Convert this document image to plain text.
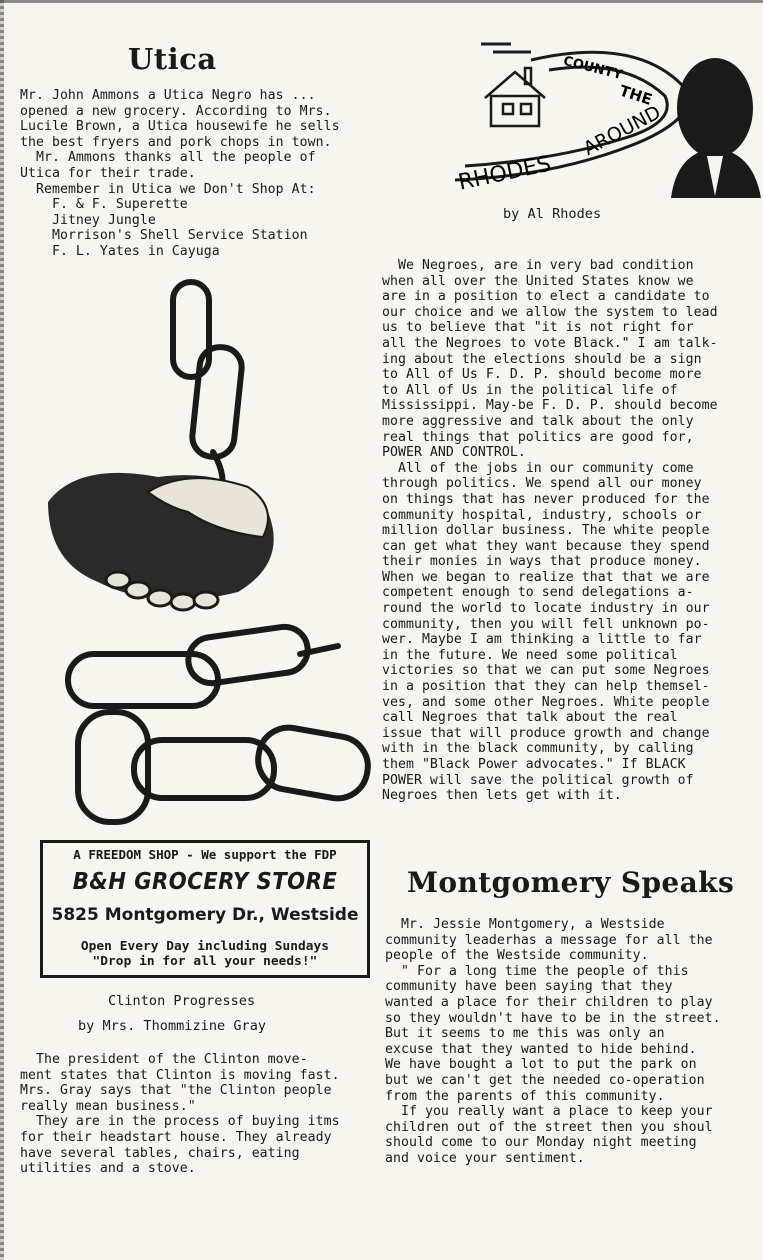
Utica
Mr. John Ammons a Utica Negro has ...
opened a new grocery. According to Mrs.
Lucile Brown, a Utica housewife he sells
the best fryers and pork chops in town.
Mr. Ammons thanks all the people of
Utica for their trade.
Remember in Utica we Don't Shop At:
F. & F. Superette
Jitney Jungle
Morrison's Shell Service Station
F. L. Yates in Cayuga
A FREEDOM SHOP - We support the FDP
B&H GROCERY STORE
5825 Montgomery Dr., Westside
Open Every Day including Sundays
"Drop in for all your needs!"
Clinton Progresses
by Mrs. Thommizine Gray
The president of the Clinton move-
ment states that Clinton is moving fast.
Mrs. Gray says that "the Clinton people
really mean business."
They are in the process of buying itms
for their headstart house. They already
have several tables, chairs, eating
utilities and a stove.
COUNTY
THE
RHODES
AROUND
by Al Rhodes
We Negroes, are in very bad condition
when all over the United States know we
are in a position to elect a candidate to
our choice and we allow the system to lead
us to believe that "it is not right for
all the Negroes to vote Black." I am talk-
ing about the elections should be a sign
to All of Us F. D. P. should become more
to All of Us in the political life of
Mississippi. May-be F. D. P. should become
more aggressive and talk about the only
real things that politics are good for,
POWER AND CONTROL.
All of the jobs in our community come
through politics. We spend all our money
on things that has never produced for the
community hospital, industry, schools or
million dollar business. The white people
can get what they want because they spend
their monies in ways that produce money.
When we began to realize that that we are
competent enough to send delegations a-
round the world to locate industry in our
community, then you will fell unknown po-
wer. Maybe I am thinking a little to far
in the future. We need some political
victories so that we can put some Negroes
in a position that they can help themsel-
ves, and some other Negroes. White people
call Negroes that talk about the real
issue that will produce growth and change
with in the black community, by calling
them "Black Power advocates." If BLACK
POWER will save the political growth of
Negroes then lets get with it.
Montgomery Speaks
Mr. Jessie Montgomery, a Westside
community leaderhas a message for all the
people of the Westside community.
" For a long time the people of this
community have been saying that they
wanted a place for their children to play
so they wouldn't have to be in the street.
But it seems to me this was only an
excuse that they wanted to hide behind.
We have bought a lot to put the park on
but we can't get the needed co-operation
from the parents of this community.
If you really want a place to keep your
children out of the street then you shoul
should come to our Monday night meeting
and voice your sentiment.
